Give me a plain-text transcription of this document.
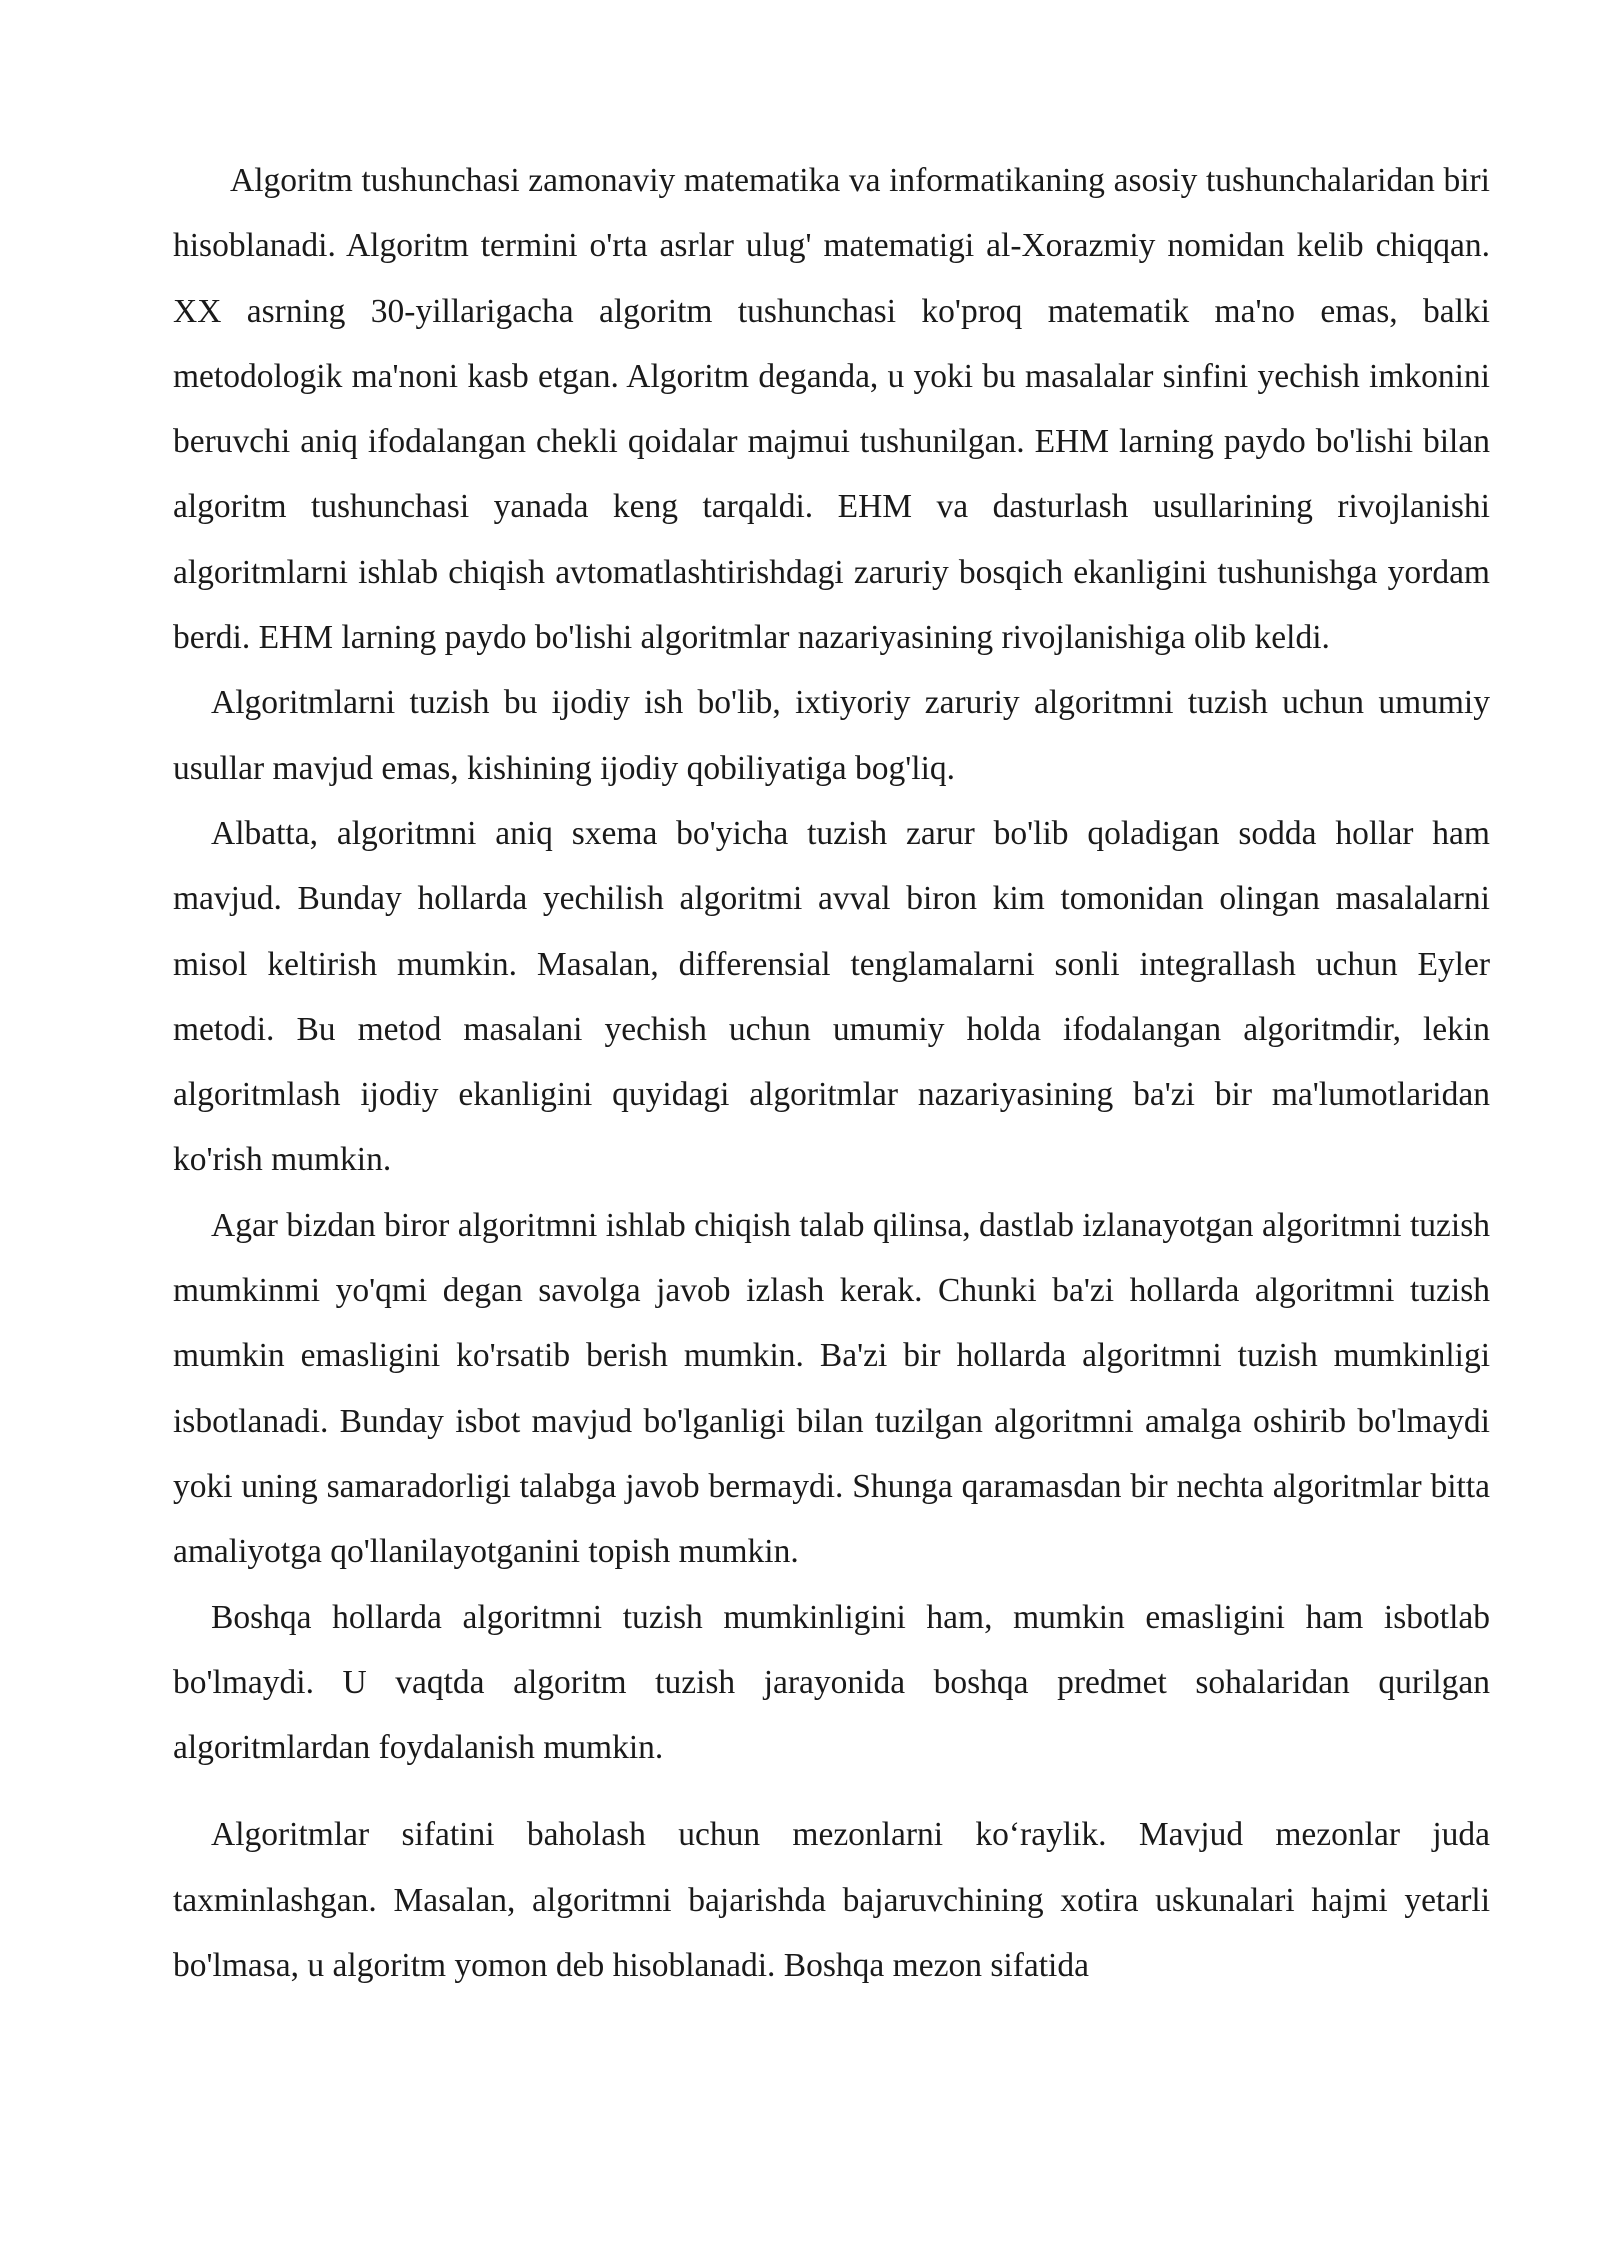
Algoritm tushunchasi zamonaviy matematika va informatikaning asosiy tushunchalaridan biri hisoblanadi. Algoritm termini o'rta asrlar ulug' matematigi al-Xorazmiy nomidan kelib chiqqan. XX asrning 30-yillarigacha algoritm tushunchasi ko'proq matematik ma'no emas, balki metodologik ma'noni kasb etgan. Algoritm deganda, u yoki bu masalalar sinfini yechish imkonini beruvchi aniq ifodalangan chekli qoidalar majmui tushunilgan. EHM larning paydo bo'lishi bilan algoritm tushunchasi yanada keng tarqaldi. EHM va dasturlash usullarining rivojlanishi algoritmlarni ishlab chiqish avtomatlashtirishdagi zaruriy bosqich ekanligini tushunishga yordam berdi. EHM larning paydo bo'lishi algoritmlar nazariyasining rivojlanishiga olib keldi.

Algoritmlarni tuzish bu ijodiy ish bo'lib, ixtiyoriy zaruriy algoritmni tuzish uchun umumiy usullar mavjud emas, kishining ijodiy qobiliyatiga bog'liq.

Albatta, algoritmni aniq sxema bo'yicha tuzish zarur bo'lib qoladigan sodda hollar ham mavjud. Bunday hollarda yechilish algoritmi avval biron kim tomonidan olingan masalalarni misol keltirish mumkin. Masalan, differensial tenglamalarni sonli integrallash uchun Eyler metodi. Bu metod masalani yechish uchun umumiy holda ifodalangan algoritmdir, lekin algoritmlash ijodiy ekanligini quyidagi algoritmlar nazariyasining ba'zi bir ma'lumotlaridan ko'rish mumkin.

Agar bizdan biror algoritmni ishlab chiqish talab qilinsa, dastlab izlanayotgan algoritmni tuzish mumkinmi yo'qmi degan savolga javob izlash kerak. Chunki ba'zi hollarda algoritmni tuzish mumkin emasligini ko'rsatib berish mumkin. Ba'zi bir hollarda algoritmni tuzish mumkinligi isbotlanadi. Bunday isbot mavjud bo'lganligi bilan tuzilgan algoritmni amalga oshirib bo'lmaydi yoki uning samaradorligi talabga javob bermaydi. Shunga qaramasdan bir nechta algoritmlar bitta amaliyotga qo'llanilayotganini topish mumkin.

Boshqa hollarda algoritmni tuzish mumkinligini ham, mumkin emasligini ham isbotlab bo'lmaydi. U vaqtda algoritm tuzish jarayonida boshqa predmet sohalaridan qurilgan algoritmlardan foydalanish mumkin.

Algoritmlar sifatini baholash uchun mezonlarni ko‘raylik. Mavjud mezonlar juda taxminlashgan. Masalan, algoritmni bajarishda bajaruvchining xotira uskunalari hajmi yetarli bo'lmasa, u algoritm yomon deb hisoblanadi. Boshqa mezon sifatida
